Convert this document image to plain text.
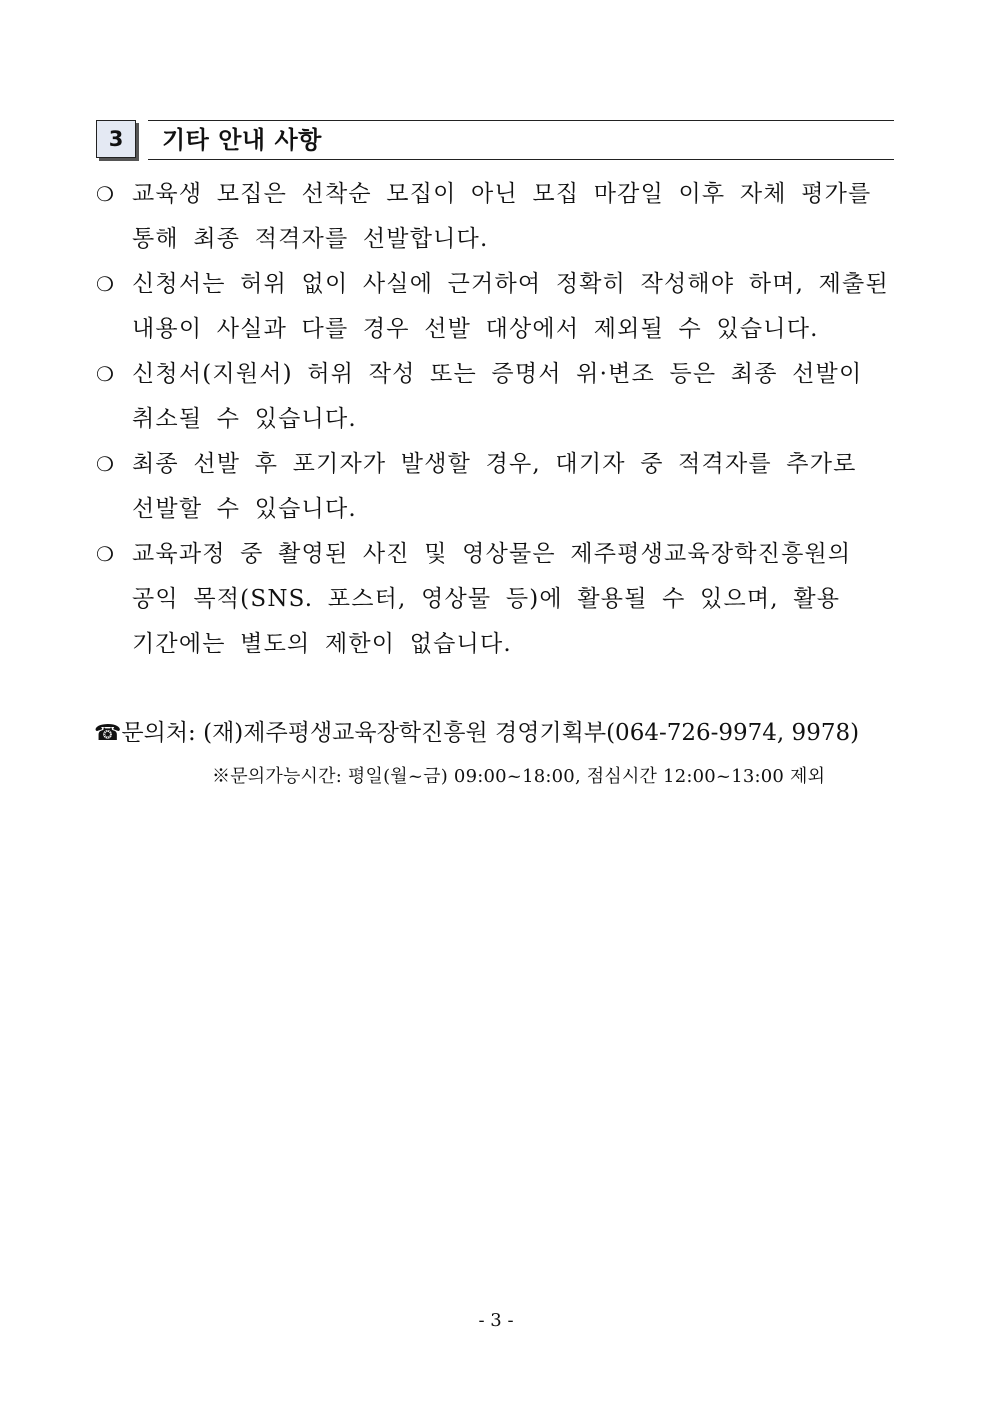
3	기타 안내 사항
❍ 교육생 모집은 선착순 모집이 아닌 모집 마감일 이후 자체 평가를
통해 최종 적격자를 선발합니다.
❍ 신청서는 허위 없이 사실에 근거하여 정확히 작성해야 하며, 제출된
내용이 사실과 다를 경우 선발 대상에서 제외될 수 있습니다.
❍ 신청서(지원서) 허위 작성 또는 증명서 위·변조 등은 최종 선발이
취소될 수 있습니다.
❍ 최종 선발 후 포기자가 발생할 경우, 대기자 중 적격자를 추가로
선발할 수 있습니다.
❍ 교육과정 중 촬영된 사진 및 영상물은 제주평생교육장학진흥원의
공익 목적(SNS. 포스터, 영상물 등)에 활용될 수 있으며, 활용
기간에는 별도의 제한이 없습니다.
☎문의처: (재)제주평생교육장학진흥원 경영기획부(064-726-9974, 9978)
※문의가능시간: 평일(월~금) 09:00~18:00, 점심시간 12:00~13:00 제외
- 3 -
